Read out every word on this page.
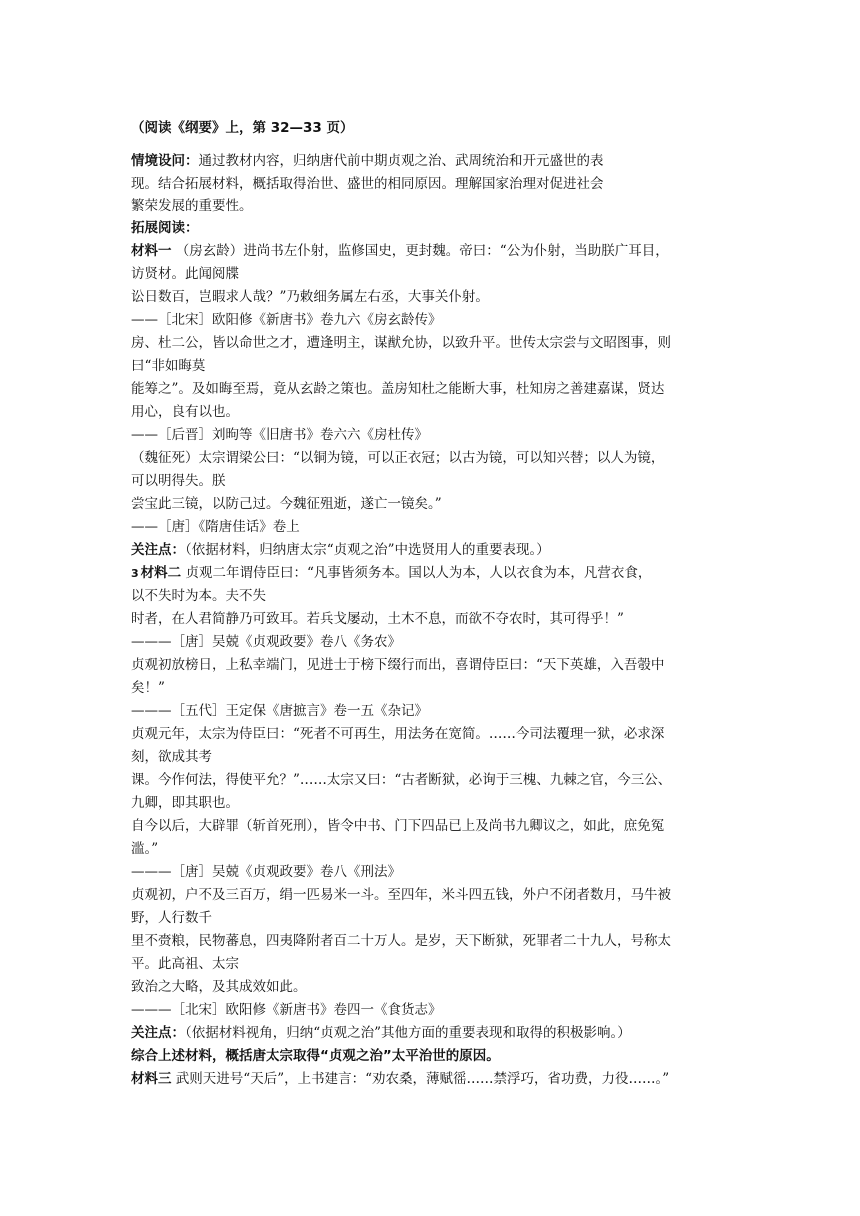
（阅读《纲要》上，第 32—33 页）
情境设问：通过教材内容，归纳唐代前中期贞观之治、武周统治和开元盛世的表
现。结合拓展材料，概括取得治世、盛世的相同原因。理解国家治理对促进社会
繁荣发展的重要性。
拓展阅读：
材料一 （房玄龄）进尚书左仆射，监修国史，更封魏。帝曰：“公为仆射，当助朕广耳目，
访贤材。此闻阅牒
讼日数百，岂暇求人哉？”乃敕细务属左右丞，大事关仆射。
——［北宋］欧阳修《新唐书》卷九六《房玄龄传》
房、杜二公，皆以命世之才，遭逢明主，谋猷允协，以致升平。世传太宗尝与文昭图事，则
曰“非如晦莫
能筹之”。及如晦至焉，竟从玄龄之策也。盖房知杜之能断大事，杜知房之善建嘉谋，贤达
用心，良有以也。
——［后晋］刘昫等《旧唐书》卷六六《房杜传》
（魏征死）太宗谓梁公曰：“以铜为镜，可以正衣冠；以古为镜，可以知兴替；以人为镜，
可以明得失。朕
尝宝此三镜，以防己过。今魏征殂逝，遂亡一镜矣。”
——［唐］《隋唐佳话》卷上
关注点：（依据材料，归纳唐太宗“贞观之治”中选贤用人的重要表现。）
3 材料二 贞观二年谓侍臣曰：“凡事皆须务本。国以人为本，人以衣食为本，凡营衣食，
以不失时为本。夫不失
时者，在人君简静乃可致耳。若兵戈屡动，土木不息，而欲不夺农时，其可得乎！”
———［唐］吴兢《贞观政要》卷八《务农》
贞观初放榜日，上私幸端门，见进士于榜下缀行而出，喜谓侍臣曰：“天下英雄，入吾彀中
矣！”
———［五代］王定保《唐摭言》卷一五《杂记》
贞观元年，太宗为侍臣曰：“死者不可再生，用法务在宽简。……今司法覆理一狱，必求深
刻，欲成其考
课。今作何法，得使平允？”……太宗又曰：“古者断狱，必询于三槐、九棘之官，今三公、
九卿，即其职也。
自今以后，大辟罪（斩首死刑），皆令中书、门下四品已上及尚书九卿议之，如此，庶免冤
滥。”
———［唐］吴兢《贞观政要》卷八《刑法》
贞观初，户不及三百万，绢一匹易米一斗。至四年，米斗四五钱，外户不闭者数月，马牛被
野，人行数千
里不赍粮，民物蕃息，四夷降附者百二十万人。是岁，天下断狱，死罪者二十九人，号称太
平。此高祖、太宗
致治之大略，及其成效如此。
———［北宋］欧阳修《新唐书》卷四一《食货志》
关注点：（依据材料视角，归纳“贞观之治”其他方面的重要表现和取得的积极影响。）
综合上述材料，概括唐太宗取得“贞观之治”太平治世的原因。
材料三 武则天进号“天后”，上书建言：“劝农桑，薄赋徭……禁浮巧，省功费，力役……。”
